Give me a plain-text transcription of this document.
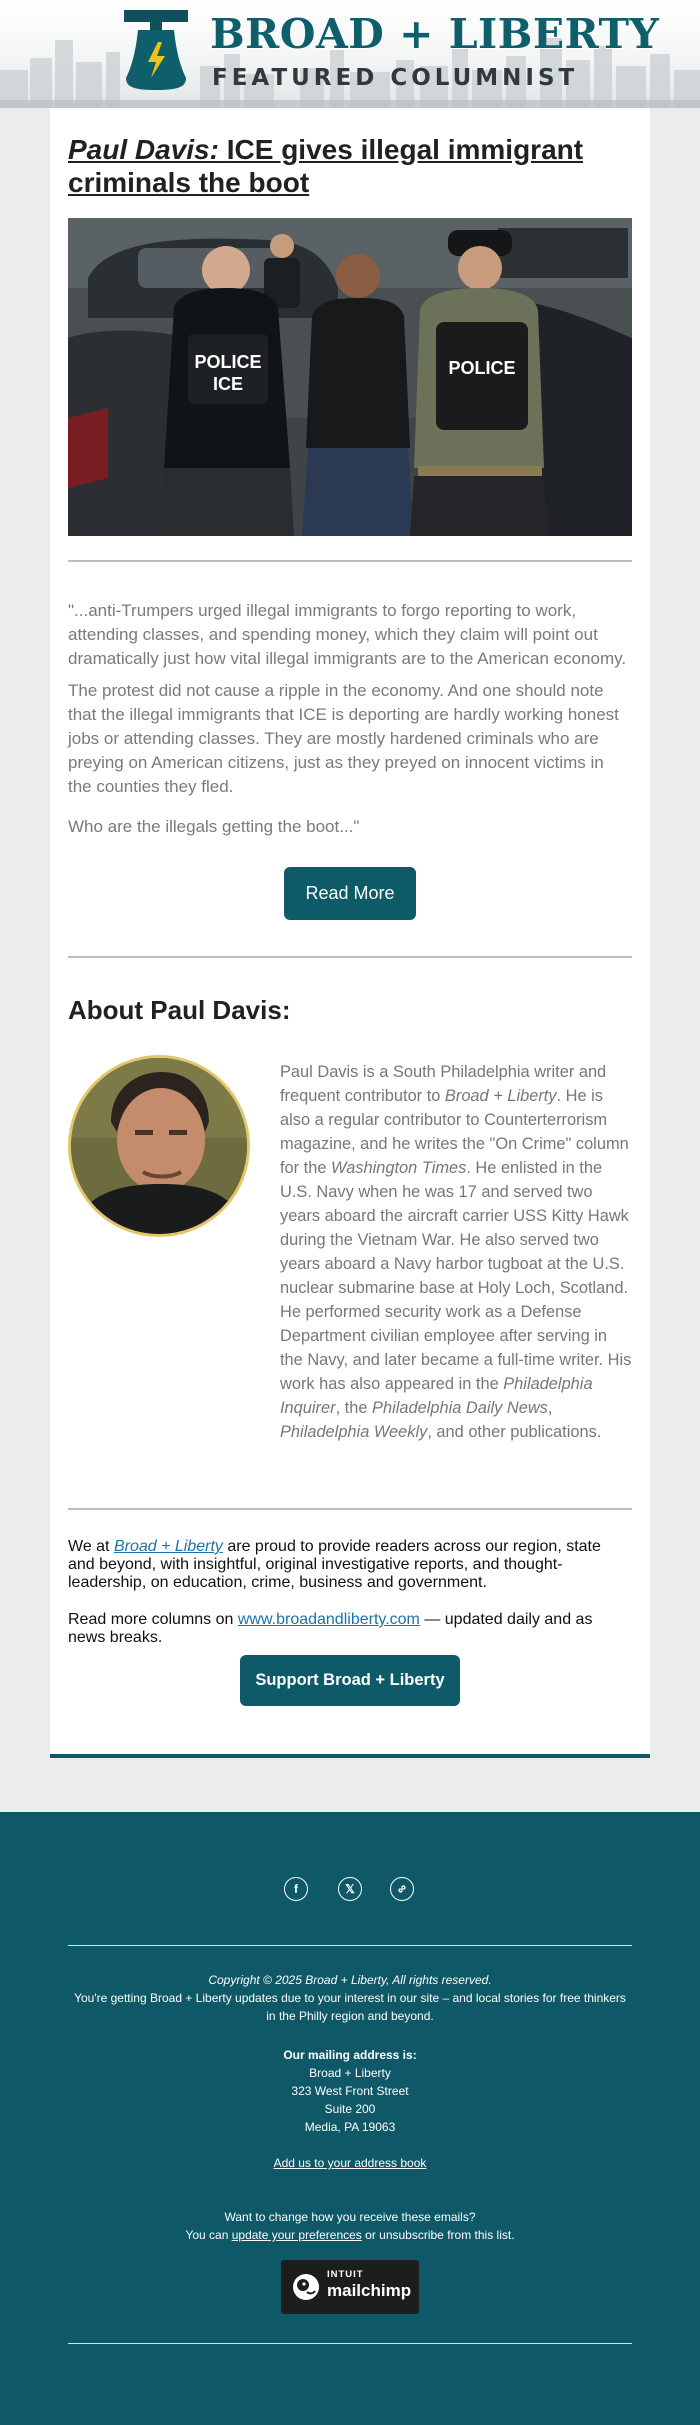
BROAD + LIBERTY
FEATURED COLUMNIST
Paul Davis: ICE gives illegal immigrant criminals the boot
POLICE
ICE
POLICE

"...anti-Trumpers urged illegal immigrants to forgo reporting to work, attending classes, and spending money, which they claim will point out dramatically just how vital illegal immigrants are to the American economy.

The protest did not cause a ripple in the economy. And one should note that the illegal immigrants that ICE is deporting are hardly working honest jobs or attending classes. They are mostly hardened criminals who are preying on American citizens, just as they preyed on innocent victims in the counties they fled.

Who are the illegals getting the boot..."

Read More
About Paul Davis:

Paul Davis is a South Philadelphia writer and frequent contributor to Broad + Liberty. He is also a regular contributor to Counterterrorism magazine, and he writes the "On Crime" column for the Washington Times. He enlisted in the U.S. Navy when he was 17 and served two years aboard the aircraft carrier USS Kitty Hawk during the Vietnam War. He also served two years aboard a Navy harbor tugboat at the U.S. nuclear submarine base at Holy Loch, Scotland. He performed security work as a Defense Department civilian employee after serving in the Navy, and later became a full-time writer. His work has also appeared in the Philadelphia Inquirer, the Philadelphia Daily News, Philadelphia Weekly, and other publications.

We at Broad + Liberty are proud to provide readers across our region, state and beyond, with insightful, original investigative reports, and thought-leadership, on education, crime, business and government.

Read more columns on www.broadandliberty.com — updated daily and as news breaks.

Support Broad + Liberty
f	𝕏

Copyright © 2025 Broad + Liberty, All rights reserved.

You're getting Broad + Liberty updates due to your interest in our site – and local stories for free thinkers in the Philly region and beyond.

Our mailing address is:

Broad + Liberty

323 West Front Street

Suite 200

Media, PA 19063

Add us to your address book

Want to change how you receive these emails?

You can update your preferences or unsubscribe from this list.

INTUIT
mailchimp
